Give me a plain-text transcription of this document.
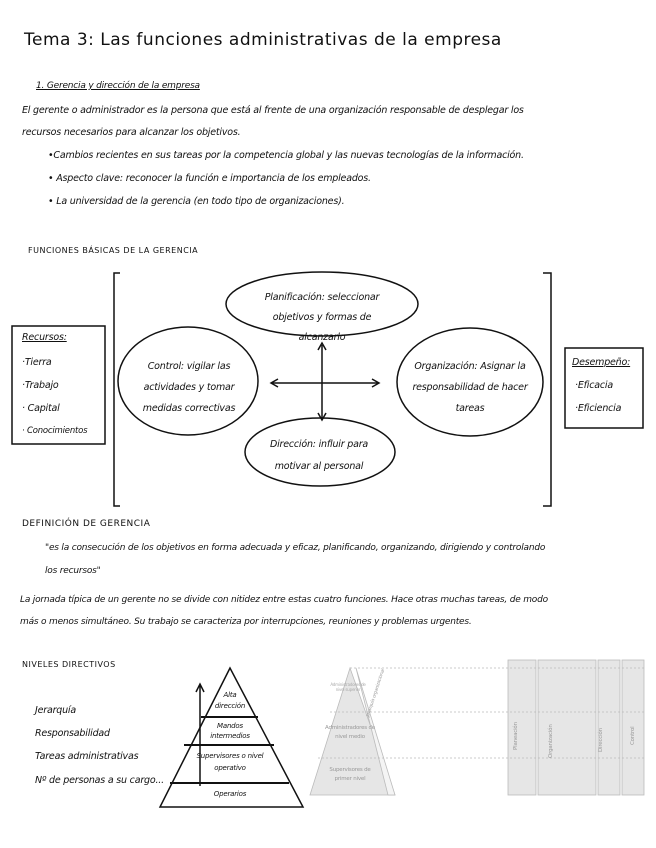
Tema 3: Las funciones administrativas de la empresa
1. Gerencia y dirección de la empresa
El gerente o administrador es la persona que está al frente de una organización responsable de desplegar los
recursos necesarios para alcanzar los objetivos.
•Cambios recientes en sus tareas por la competencia global y las nuevas tecnologías de la información.
• Aspecto clave: reconocer la función e importancia de los empleados.
• La universidad de la gerencia (en todo tipo de organizaciones).
FUNCIONES BÁSICAS DE LA GERENCIA
Recursos:
·Tierra
·Trabajo
· Capital
· Conocimientos
Planificación: seleccionar objetivos y formas de alcanzarlo
Control: vigilar las actividades y tomar medidas correctivas
Organización: Asignar la responsabilidad de hacer tareas
Dirección: influir para motivar al personal
Desempeño:
·Eficacia
·Eficiencia
DEFINICIÓN DE GERENCIA
"es la consecución de los objetivos en forma adecuada y eficaz, planificando, organizando, dirigiendo y controlando
los recursos"
La jornada típica de un gerente no se divide con nitidez entre estas cuatro funciones. Hace otras muchas tareas, de modo
más o menos simultáneo. Su trabajo se caracteriza por interrupciones, reuniones y problemas urgentes.
NIVELES DIRECTIVOS
Jerarquía
Responsabilidad
Tareas administrativas
Nº de personas a su cargo...
Alta dirección
Mandos intermedios
Supervisores o nivel operativo
Operarios
Jerarquía organizacional
Administradores de nivel superior
Administradores de nivel medio
Supervisores de primer nivel
Planeación	Organización	Dirección	Control
